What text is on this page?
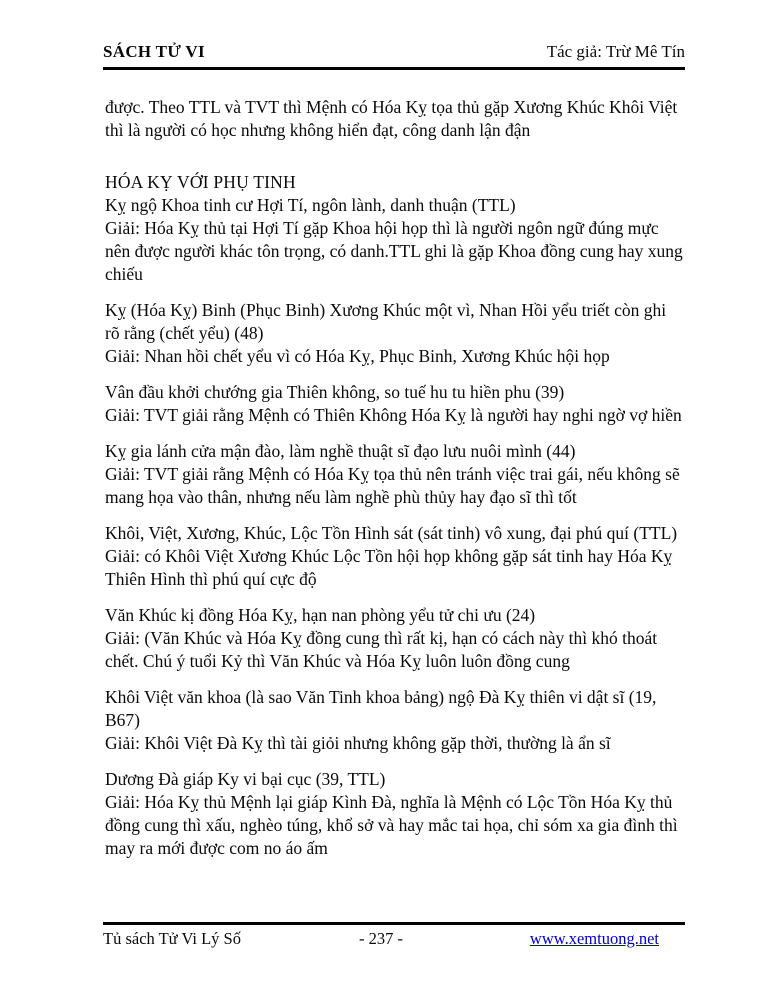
SÁCH TỬ VI	Tác giả: Trừ Mê Tín

được. Theo TTL và TVT thì Mệnh có Hóa Kỵ tọa thủ gặp Xương Khúc Khôi Việt thì là người có học nhưng không hiển đạt, công danh lận đận

HÓA KỴ VỚI PHỤ TINH
Kỵ ngộ Khoa tinh cư Hợi Tí, ngôn lành, danh thuận (TTL)
Giải: Hóa Kỵ thủ tại Hợi Tí gặp Khoa hội họp thì là người ngôn ngữ đúng mực nên được người khác tôn trọng, có danh.TTL ghi là gặp Khoa đồng cung hay xung chiếu
Kỵ (Hóa Kỵ) Binh (Phục Binh) Xương Khúc một vì, Nhan Hồi yểu triết còn ghi rõ rằng (chết yểu) (48)
Giải: Nhan hồi chết yểu vì có Hóa Kỵ, Phục Binh, Xương Khúc hội họp
Vân đầu khởi chướng gia Thiên không, so tuế hu tu hiền phu (39)
Giải: TVT giải rằng Mệnh có Thiên Không Hóa Kỵ là người hay nghi ngờ vợ hiền
Kỵ gia lánh cửa mận đào, làm nghề thuật sĩ đạo lưu nuôi mình (44)
Giải: TVT giải rằng Mệnh có Hóa Kỵ tọa thủ nên tránh việc trai gái, nếu không sẽ mang họa vào thân, nhưng nếu làm nghề phù thủy hay đạo sĩ thì tốt
Khôi, Việt, Xương, Khúc, Lộc Tồn Hình sát (sát tinh) vô xung, đại phú quí (TTL)
Giải: có Khôi Việt Xương Khúc Lộc Tồn hội họp không gặp sát tinh hay Hóa Kỵ Thiên Hình thì phú quí cực độ
Văn Khúc kị đồng Hóa Kỵ, hạn nan phòng yểu tử chi ưu (24)
Giải: (Văn Khúc và Hóa Kỵ đồng cung thì rất kị, hạn có cách này thì khó thoát chết. Chú ý tuổi Kỷ thì Văn Khúc và Hóa Kỵ luôn luôn đồng cung
Khôi Việt văn khoa (là sao Văn Tinh khoa bảng) ngộ Đà Kỵ thiên vi dật sĩ (19, B67)
Giải: Khôi Việt Đà Kỵ thì tài giỏi nhưng không gặp thời, thường là ẩn sĩ
Dương Đà giáp Ky vi bại cục (39, TTL)
Giải: Hóa Kỵ thủ Mệnh lại giáp Kình Đà, nghĩa là Mệnh có Lộc Tồn Hóa Kỵ thủ đồng cung thì xấu, nghèo túng, khổ sở và hay mắc tai họa, chỉ sóm xa gia đình thì may ra mới được com no áo ấm
Tủ sách Tử Vi Lý Số	- 237 -	www.xemtuong.net
